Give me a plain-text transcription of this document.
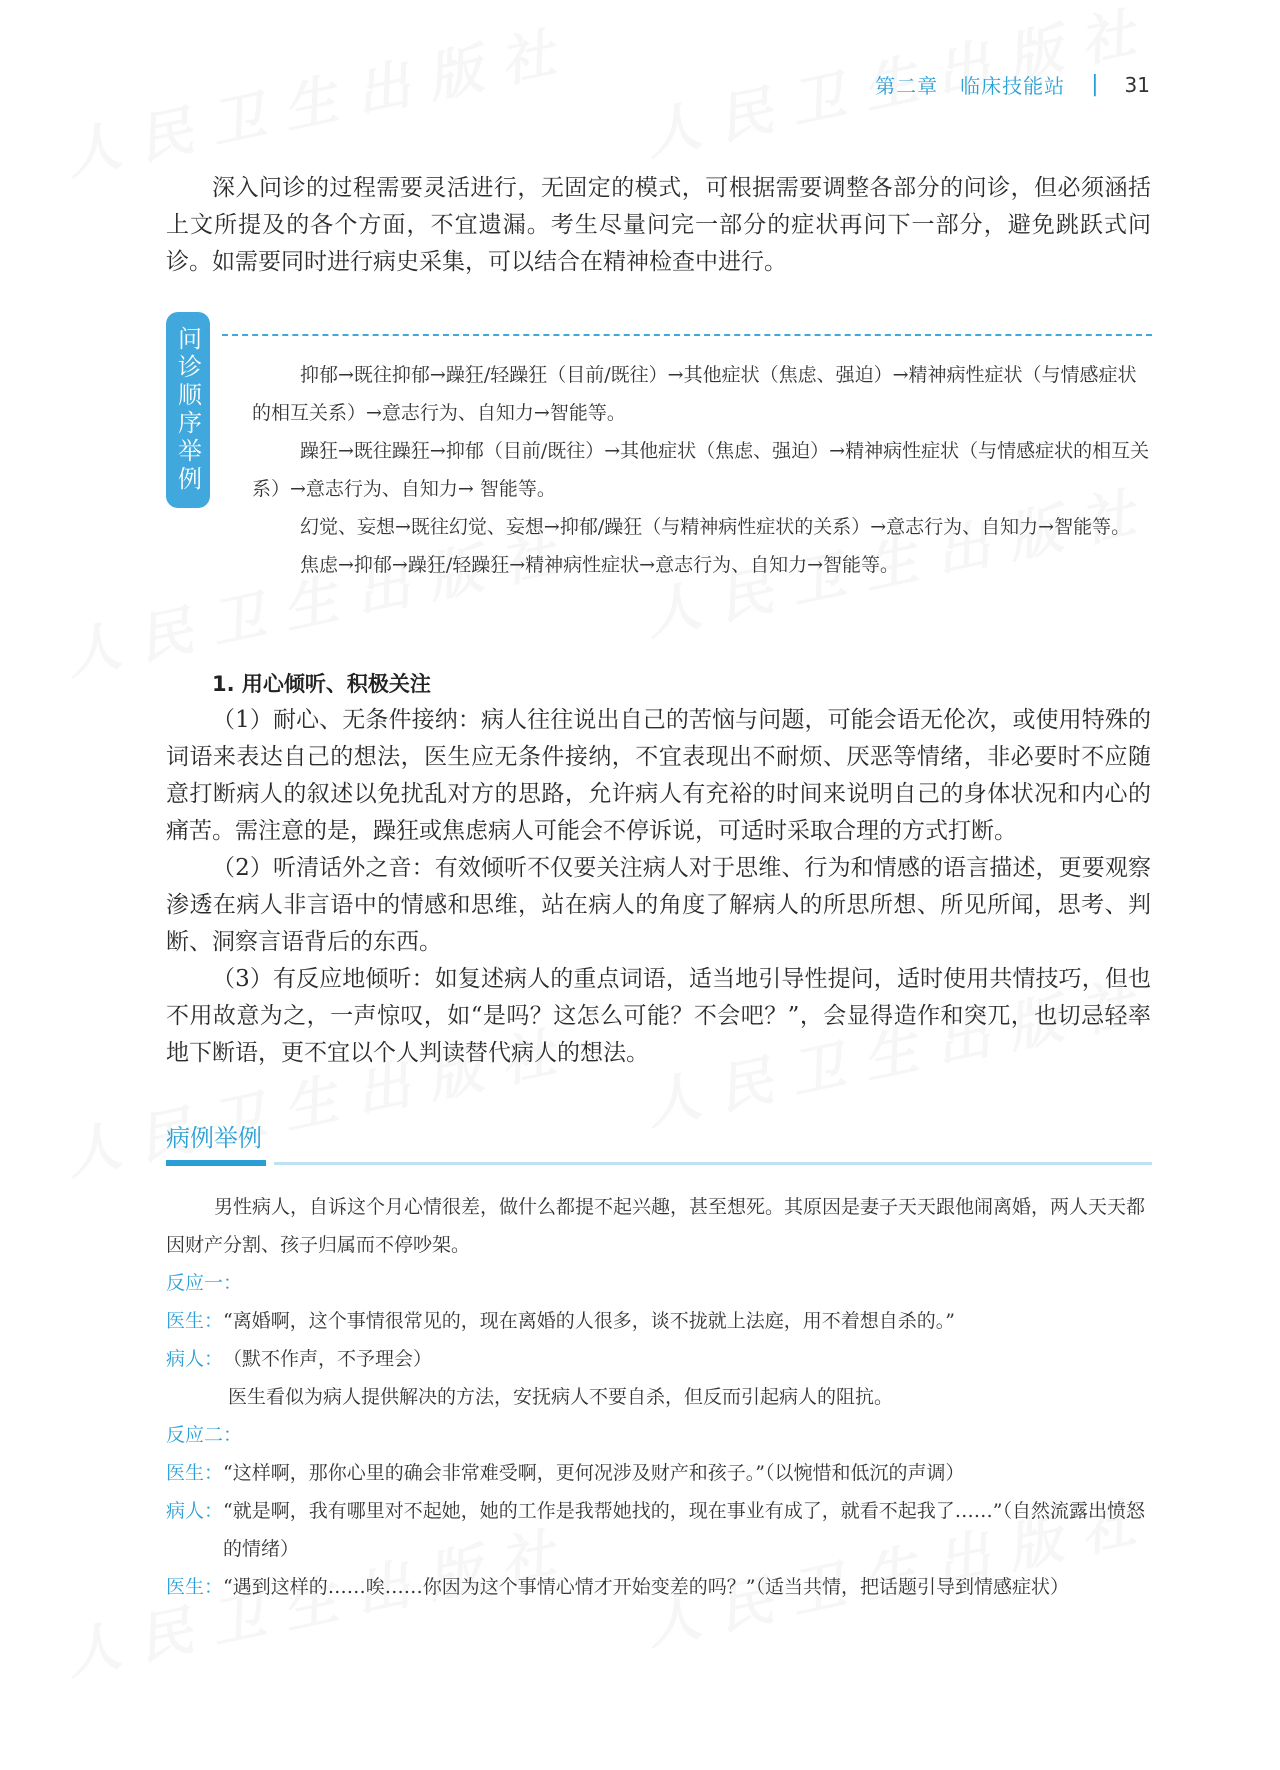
第二章 临床技能站 | 31

深入问诊的过程需要灵活进行，无固定的模式，可根据需要调整各部分的问诊，但必须涵括上文所提及的各个方面，不宜遗漏。考生尽量问完一部分的症状再问下一部分，避免跳跃式问诊。如需要同时进行病史采集，可以结合在精神检查中进行。

问诊顺序举例	抑郁→既往抑郁→躁狂/轻躁狂（目前/既往）→其他症状（焦虑、强迫）→精神病性症状（与情感症状的相互关系）→意志行为、自知力→智能等。

躁狂→既往躁狂→抑郁（目前/既往）→其他症状（焦虑、强迫）→精神病性症状（与情感症状的相互关系）→意志行为、自知力→ 智能等。

幻觉、妄想→既往幻觉、妄想→抑郁/躁狂（与精神病性症状的关系）→意志行为、自知力→智能等。

焦虑→抑郁→躁狂/轻躁狂→精神病性症状→意志行为、自知力→智能等。

1. 用心倾听、积极关注

（1）耐心、无条件接纳：病人往往说出自己的苦恼与问题，可能会语无伦次，或使用特殊的词语来表达自己的想法，医生应无条件接纳，不宜表现出不耐烦、厌恶等情绪，非必要时不应随意打断病人的叙述以免扰乱对方的思路，允许病人有充裕的时间来说明自己的身体状况和内心的痛苦。需注意的是，躁狂或焦虑病人可能会不停诉说，可适时采取合理的方式打断。

（2）听清话外之音：有效倾听不仅要关注病人对于思维、行为和情感的语言描述，更要观察渗透在病人非言语中的情感和思维，站在病人的角度了解病人的所思所想、所见所闻，思考、判断、洞察言语背后的东西。

（3）有反应地倾听：如复述病人的重点词语，适当地引导性提问，适时使用共情技巧，但也不用故意为之，一声惊叹，如“是吗？这怎么可能？不会吧？”，会显得造作和突兀，也切忌轻率地下断语，更不宜以个人判读替代病人的想法。

病例举例

男性病人，自诉这个月心情很差，做什么都提不起兴趣，甚至想死。其原因是妻子天天跟他闹离婚，两人天天都因财产分割、孩子归属而不停吵架。

反应一：

医生： “离婚啊，这个事情很常见的，现在离婚的人很多，谈不拢就上法庭，用不着想自杀的。”
病人： （默不作声，不予理会）

医生看似为病人提供解决的方法，安抚病人不要自杀，但反而引起病人的阻抗。

反应二：

医生： “这样啊，那你心里的确会非常难受啊，更何况涉及财产和孩子。”（以惋惜和低沉的声调）
病人： “就是啊，我有哪里对不起她，她的工作是我帮她找的，现在事业有成了，就看不起我了……”（自然流露出愤怒的情绪）
医生： “遇到这样的……唉……你因为这个事情心情才开始变差的吗？”（适当共情，把话题引导到情感症状）
